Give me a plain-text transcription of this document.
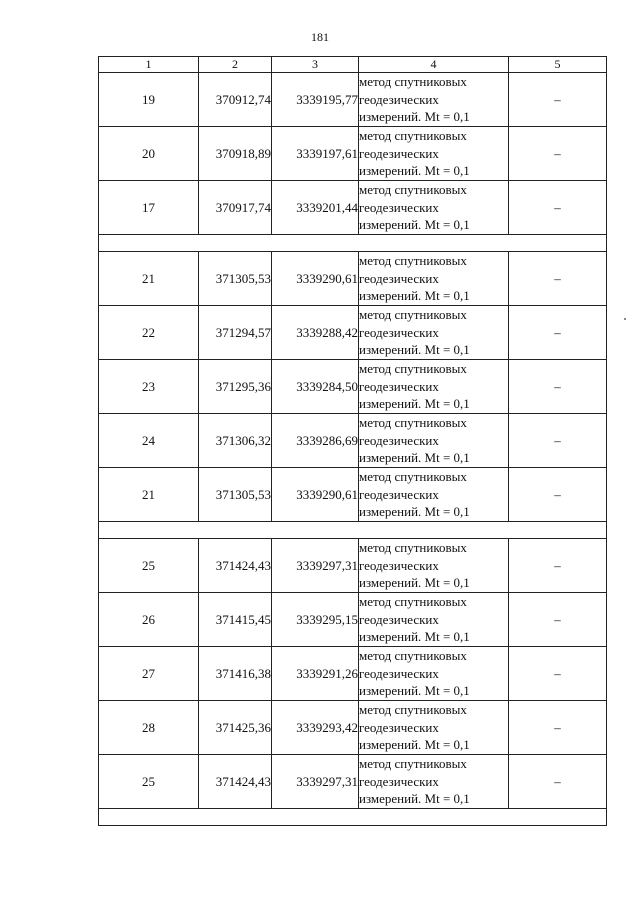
181
1	2	3	4	5
19	370912,74	3339195,77	метод спутниковых
геодезических
измерений. Mt = 0,1	–
20	370918,89	3339197,61	метод спутниковых
геодезических
измерений. Mt = 0,1	–
17	370917,74	3339201,44	метод спутниковых
геодезических
измерений. Mt = 0,1	–

21	371305,53	3339290,61	метод спутниковых
геодезических
измерений. Mt = 0,1	–
22	371294,57	3339288,42	метод спутниковых
геодезических
измерений. Mt = 0,1	–
23	371295,36	3339284,50	метод спутниковых
геодезических
измерений. Mt = 0,1	–
24	371306,32	3339286,69	метод спутниковых
геодезических
измерений. Mt = 0,1	–
21	371305,53	3339290,61	метод спутниковых
геодезических
измерений. Mt = 0,1	–

25	371424,43	3339297,31	метод спутниковых
геодезических
измерений. Mt = 0,1	–
26	371415,45	3339295,15	метод спутниковых
геодезических
измерений. Mt = 0,1	–
27	371416,38	3339291,26	метод спутниковых
геодезических
измерений. Mt = 0,1	–
28	371425,36	3339293,42	метод спутниковых
геодезических
измерений. Mt = 0,1	–
25	371424,43	3339297,31	метод спутниковых
геодезических
измерений. Mt = 0,1	–
